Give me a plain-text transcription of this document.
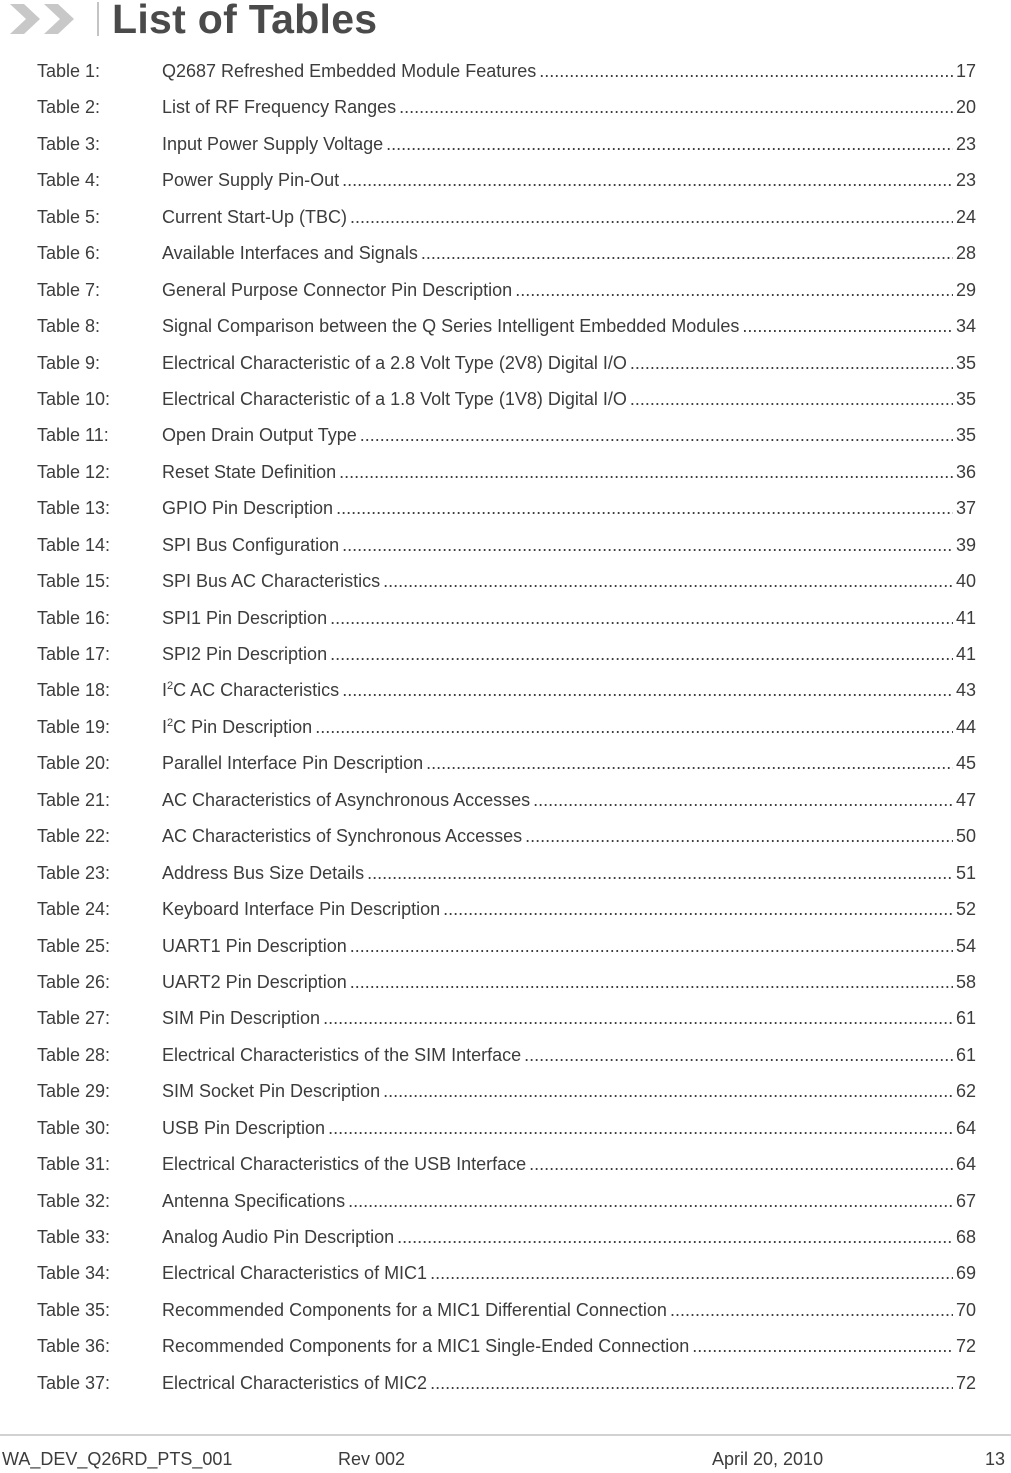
List of Tables
Table 1:	Q2687 Refreshed Embedded Module Features .....	17
Table 2:	List of RF Frequency Ranges .....	20
Table 3:	Input Power Supply Voltage .....	23
Table 4:	Power Supply Pin-Out .....	23
Table 5:	Current Start-Up (TBC) .....	24
Table 6:	Available Interfaces and Signals .....	28
Table 7:	General Purpose Connector Pin Description .....	29
Table 8:	Signal Comparison between the Q Series Intelligent Embedded Modules .....	34
Table 9:	Electrical Characteristic of a 2.8 Volt Type (2V8) Digital I/O .....	35
Table 10:	Electrical Characteristic of a 1.8 Volt Type (1V8) Digital I/O .....	35
Table 11:	Open Drain Output Type .....	35
Table 12:	Reset State Definition .....	36
Table 13:	GPIO Pin Description .....	37
Table 14:	SPI Bus Configuration .....	39
Table 15:	SPI Bus AC Characteristics .....	40
Table 16:	SPI1 Pin Description .....	41
Table 17:	SPI2 Pin Description .....	41
Table 18:	$I^2C$ AC Characteristics .....	43
Table 19:	$I^2C$ Pin Description .....	44
Table 20:	Parallel Interface Pin Description .....	45
Table 21:	AC Characteristics of Asynchronous Accesses .....	47
Table 22:	AC Characteristics of Synchronous Accesses .....	50
Table 23:	Address Bus Size Details .....	51
Table 24:	Keyboard Interface Pin Description .....	52
Table 25:	UART1 Pin Description .....	54
Table 26:	UART2 Pin Description .....	58
Table 27:	SIM Pin Description .....	61
Table 28:	Electrical Characteristics of the SIM Interface .....	61
Table 29:	SIM Socket Pin Description .....	62
Table 30:	USB Pin Description .....	64
Table 31:	Electrical Characteristics of the USB Interface .....	64
Table 32:	Antenna Specifications .....	67
Table 33:	Analog Audio Pin Description .....	68
Table 34:	Electrical Characteristics of MIC1 .....	69
Table 35:	Recommended Components for a MIC1 Differential Connection .....	70
Table 36:	Recommended Components for a MIC1 Single-Ended Connection .....	72
Table 37:	Electrical Characteristics of MIC2 .....	72
WA_DEV_Q26RD_PTS_001	Rev 002	April 20, 2010	13
